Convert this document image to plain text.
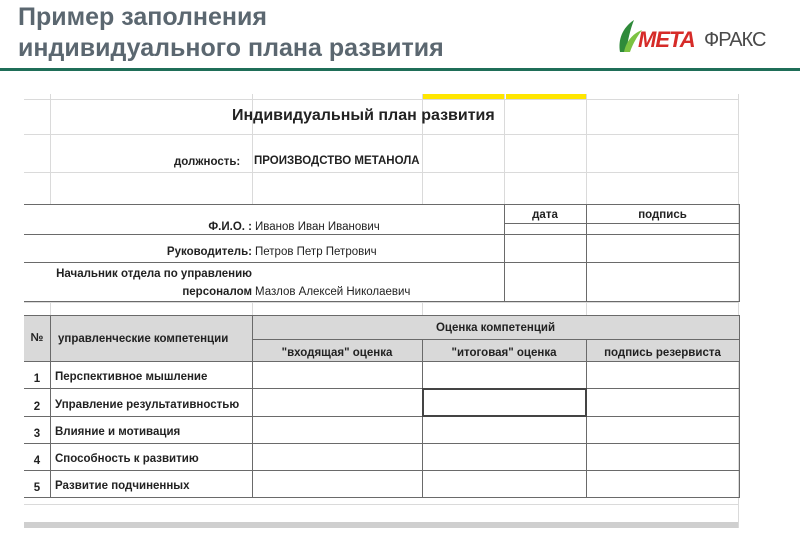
Пример заполнения
индивидуального плана развития	META ФРАКС
Индивидуальный план развития
должность:	ПРОИЗВОДСТВО МЕТАНОЛА
дата	подпись
Ф.И.О. : Иванов Иван Иванович
Руководитель: Петров Петр Петрович
Начальник отдела по управлению
персоналом Мазлов Алексей Николаевич
№	управленческие компетенции
Оценка компетенций
"входящая" оценка	"итоговая" оценка	подпись резервиста
1	Перспективное мышление
2	Управление результативностью
3	Влияние и мотивация
4	Способность к развитию
5	Развитие подчиненных
